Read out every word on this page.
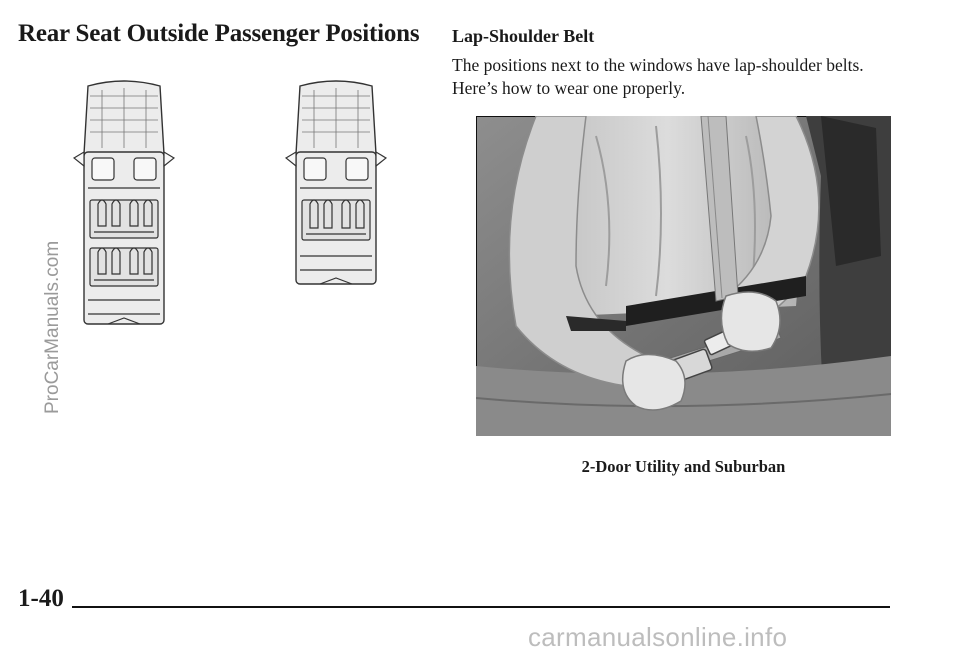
Rear Seat Outside Passenger Positions Lap-Shoulder Belt

The positions next to the windows have lap-shoulder belts. Here’s how to wear one properly.

2-Door Utility and Suburban

ProCarManuals.com
1-40
carmanualsonline.info
